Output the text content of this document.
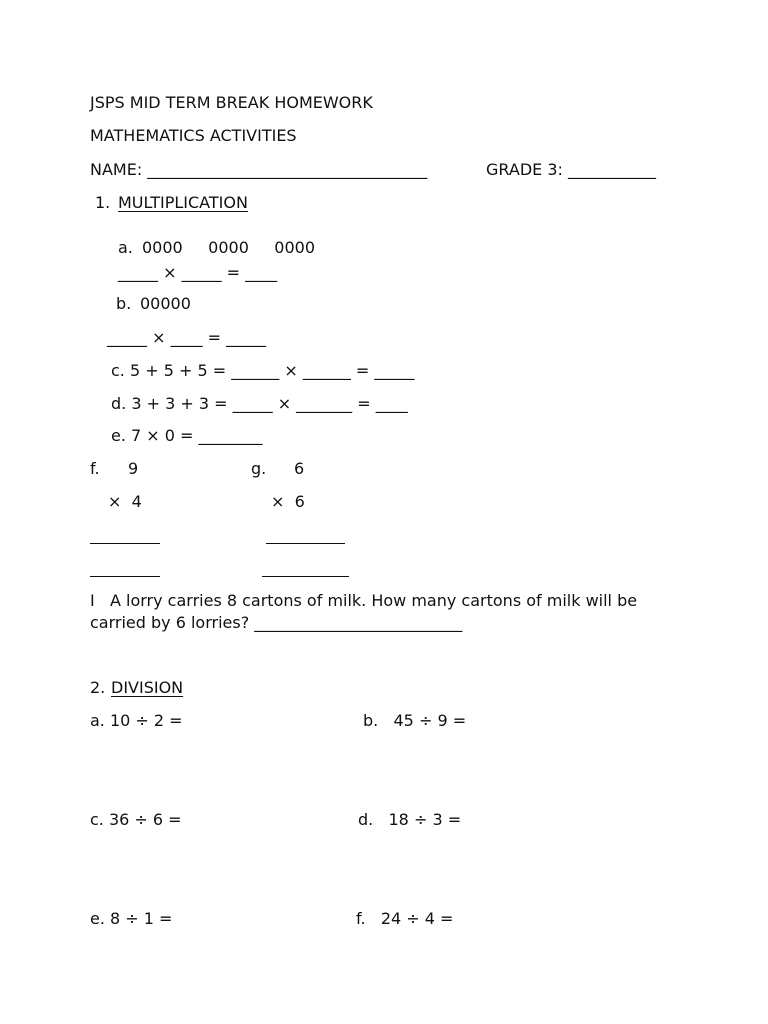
JSPS MID TERM BREAK HOMEWORK
MATHEMATICS ACTIVITIES
NAME: ___________________________________	GRADE 3: ___________
1. MULTIPLICATION
a. 0000     0000     0000
_____ × _____ = ____
b. 00000
_____ × ____ = _____
c. 5 + 5 + 5 = ______ × ______ = _____
d. 3 + 3 + 3 = _____ × _______ = ____
e. 7 × 0 = ________
f. 9
×  4
g. 6
×  6
I   A lorry carries 8 cartons of milk. How many cartons of milk will be
carried by 6 lorries? __________________________
2. DIVISION
a. 10 ÷ 2 =	b.   45 ÷ 9 =
c. 36 ÷ 6 =	d.   18 ÷ 3 =
e. 8 ÷ 1 =	f.   24 ÷ 4 =
